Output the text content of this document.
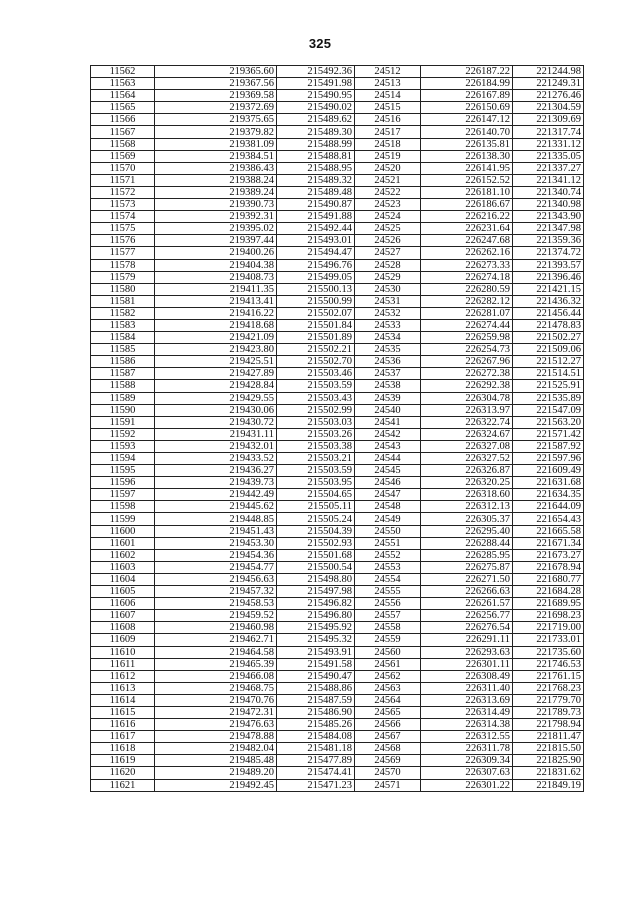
325
11562	219365.60	215492.36	24512	226187.22	221244.98
11563	219367.56	215491.98	24513	226184.99	221249.31
11564	219369.58	215490.95	24514	226167.89	221276.46
11565	219372.69	215490.02	24515	226150.69	221304.59
11566	219375.65	215489.62	24516	226147.12	221309.69
11567	219379.82	215489.30	24517	226140.70	221317.74
11568	219381.09	215488.99	24518	226135.81	221331.12
11569	219384.51	215488.81	24519	226138.30	221335.05
11570	219386.43	215488.95	24520	226141.95	221337.27
11571	219388.24	215489.32	24521	226152.52	221341.12
11572	219389.24	215489.48	24522	226181.10	221340.74
11573	219390.73	215490.87	24523	226186.67	221340.98
11574	219392.31	215491.88	24524	226216.22	221343.90
11575	219395.02	215492.44	24525	226231.64	221347.98
11576	219397.44	215493.01	24526	226247.68	221359.36
11577	219400.26	215494.47	24527	226262.16	221374.72
11578	219404.38	215496.76	24528	226273.33	221393.57
11579	219408.73	215499.05	24529	226274.18	221396.46
11580	219411.35	215500.13	24530	226280.59	221421.15
11581	219413.41	215500.99	24531	226282.12	221436.32
11582	219416.22	215502.07	24532	226281.07	221456.44
11583	219418.68	215501.84	24533	226274.44	221478.83
11584	219421.09	215501.89	24534	226259.98	221502.27
11585	219423.80	215502.21	24535	226254.73	221509.06
11586	219425.51	215502.70	24536	226267.96	221512.27
11587	219427.89	215503.46	24537	226272.38	221514.51
11588	219428.84	215503.59	24538	226292.38	221525.91
11589	219429.55	215503.43	24539	226304.78	221535.89
11590	219430.06	215502.99	24540	226313.97	221547.09
11591	219430.72	215503.03	24541	226322.74	221563.20
11592	219431.11	215503.26	24542	226324.67	221571.42
11593	219432.01	215503.38	24543	226327.08	221587.92
11594	219433.52	215503.21	24544	226327.52	221597.96
11595	219436.27	215503.59	24545	226326.87	221609.49
11596	219439.73	215503.95	24546	226320.25	221631.68
11597	219442.49	215504.65	24547	226318.60	221634.35
11598	219445.62	215505.11	24548	226312.13	221644.09
11599	219448.85	215505.24	24549	226305.37	221654.43
11600	219451.43	215504.39	24550	226295.40	221665.58
11601	219453.30	215502.93	24551	226288.44	221671.34
11602	219454.36	215501.68	24552	226285.95	221673.27
11603	219454.77	215500.54	24553	226275.87	221678.94
11604	219456.63	215498.80	24554	226271.50	221680.77
11605	219457.32	215497.98	24555	226266.63	221684.28
11606	219458.53	215496.82	24556	226261.57	221689.95
11607	219459.52	215496.80	24557	226256.77	221698.23
11608	219460.98	215495.92	24558	226276.54	221719.00
11609	219462.71	215495.32	24559	226291.11	221733.01
11610	219464.58	215493.91	24560	226293.63	221735.60
11611	219465.39	215491.58	24561	226301.11	221746.53
11612	219466.08	215490.47	24562	226308.49	221761.15
11613	219468.75	215488.86	24563	226311.40	221768.23
11614	219470.76	215487.59	24564	226313.69	221779.70
11615	219472.31	215486.90	24565	226314.49	221789.73
11616	219476.63	215485.26	24566	226314.38	221798.94
11617	219478.88	215484.08	24567	226312.55	221811.47
11618	219482.04	215481.18	24568	226311.78	221815.50
11619	219485.48	215477.89	24569	226309.34	221825.90
11620	219489.20	215474.41	24570	226307.63	221831.62
11621	219492.45	215471.23	24571	226301.22	221849.19
